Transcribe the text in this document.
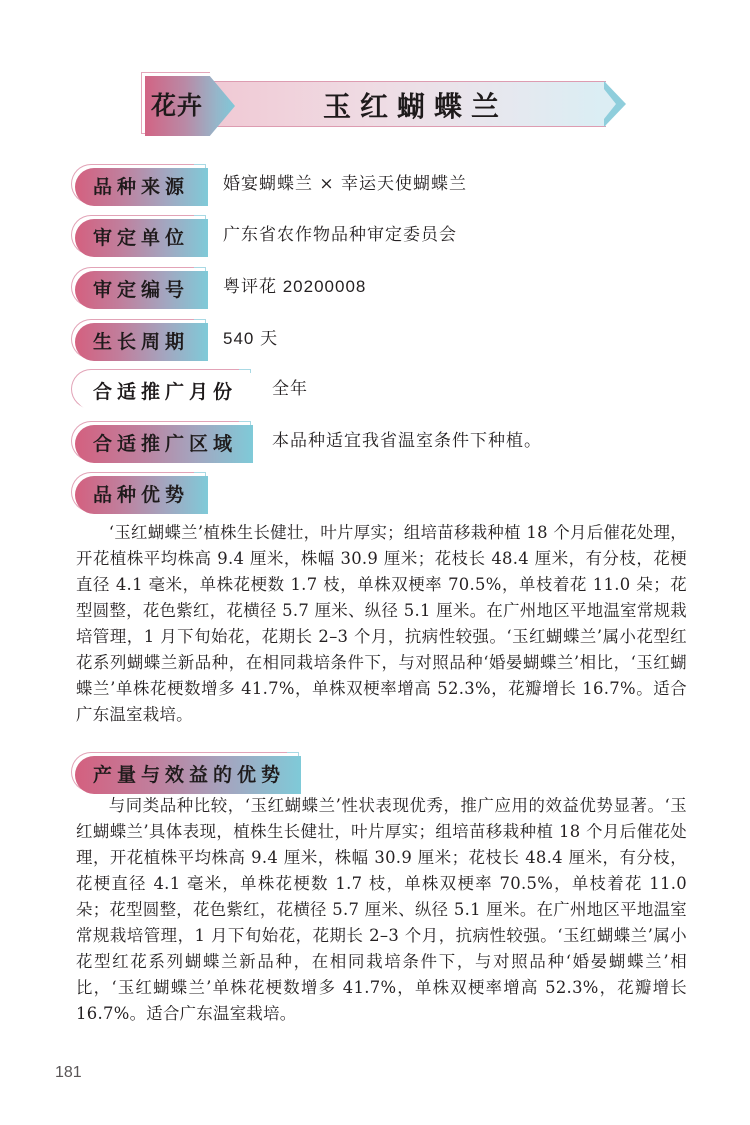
花卉	玉红蝴蝶兰
品种来源	婚宴蝴蝶兰 × 幸运天使蝴蝶兰
审定单位	广东省农作物品种审定委员会
审定编号	粤评花 20200008
生长周期	540 天
合适推广月份	全年
合适推广区域	本品种适宜我省温室条件下种植。
品种优势
‘玉红蝴蝶兰’植株生长健壮，叶片厚实；组培苗移栽种植 18 个月后催花处理，开花植株平均株高 9.4 厘米，株幅 30.9 厘米；花枝长 48.4 厘米，有分枝，花梗直径 4.1 毫米，单株花梗数 1.7 枝，单株双梗率 70.5%，单枝着花 11.0 朵；花型圆整，花色紫红，花横径 5.7 厘米、纵径 5.1 厘米。在广州地区平地温室常规栽培管理，1 月下旬始花，花期长 2–3 个月，抗病性较强。‘玉红蝴蝶兰’属小花型红花系列蝴蝶兰新品种，在相同栽培条件下，与对照品种‘婚晏蝴蝶兰’相比，‘玉红蝴蝶兰’单株花梗数增多 41.7%，单株双梗率增高 52.3%，花瓣增长 16.7%。适合广东温室栽培。
产量与效益的优势
与同类品种比较，‘玉红蝴蝶兰’性状表现优秀，推广应用的效益优势显著。‘玉红蝴蝶兰’具体表现，植株生长健壮，叶片厚实；组培苗移栽种植 18 个月后催花处理，开花植株平均株高 9.4 厘米，株幅 30.9 厘米；花枝长 48.4 厘米，有分枝，花梗直径 4.1 毫米，单株花梗数 1.7 枝，单株双梗率 70.5%，单枝着花 11.0 朵；花型圆整，花色紫红，花横径 5.7 厘米、纵径 5.1 厘米。在广州地区平地温室常规栽培管理，1 月下旬始花，花期长 2–3 个月，抗病性较强。‘玉红蝴蝶兰’属小花型红花系列蝴蝶兰新品种，在相同栽培条件下，与对照品种‘婚晏蝴蝶兰’相比，‘玉红蝴蝶兰’单株花梗数增多 41.7%，单株双梗率增高 52.3%，花瓣增长 16.7%。适合广东温室栽培。
181
